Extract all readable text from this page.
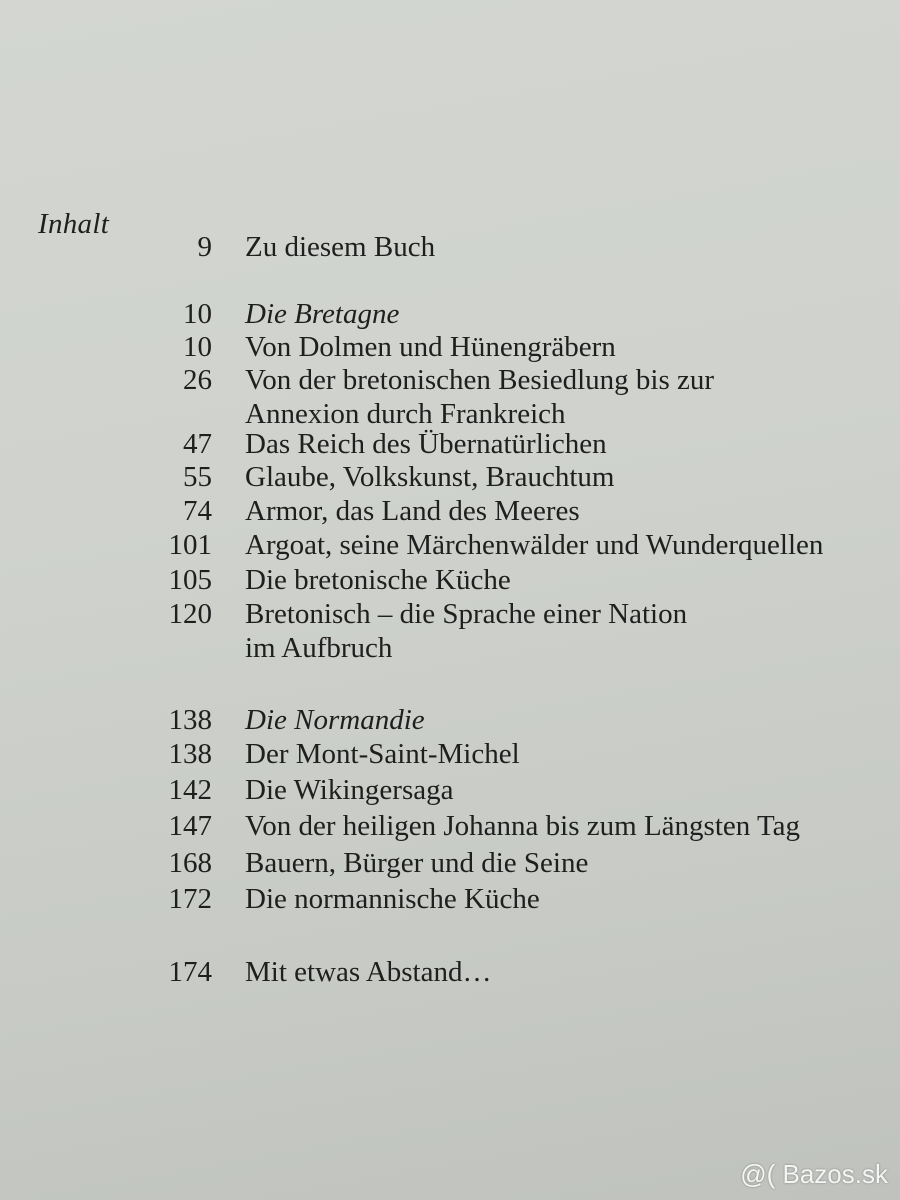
Inhalt
9 Zu diesem Buch
10 Die Bretagne
10 Von Dolmen und Hünengräbern
26 Von der bretonischen Besiedlung bis zur
Annexion durch Frankreich
47 Das Reich des Übernatürlichen
55 Glaube, Volkskunst, Brauchtum
74 Armor, das Land des Meeres
101 Argoat, seine Märchenwälder und Wunderquellen
105 Die bretonische Küche
120 Bretonisch – die Sprache einer Nation
im Aufbruch
138 Die Normandie
138 Der Mont-Saint-Michel
142 Die Wikingersaga
147 Von der heiligen Johanna bis zum Längsten Tag
168 Bauern, Bürger und die Seine
172 Die normannische Küche
174 Mit etwas Abstand…
@( Bazos.sk
